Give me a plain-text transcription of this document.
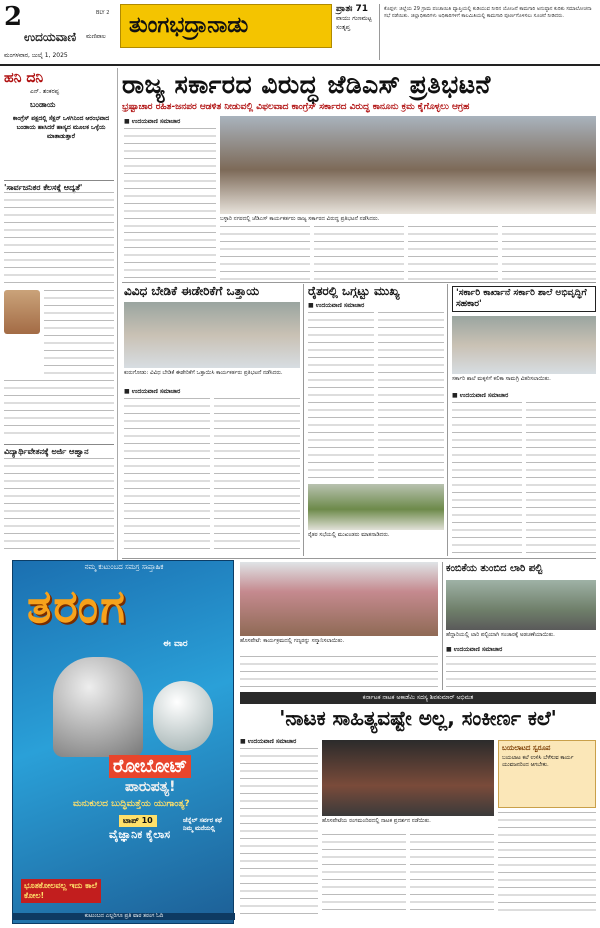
2	BLY 2
ಉದಯವಾಣಿ ಮಣಿಪಾಲ
ಮಂಗಳವಾರ, ಜುಲೈ 1, 2025
ತುಂಗಭದ್ರಾನಾಡು
ಪ್ರಾತಃ 71
ವಾಯು ಗುಣಮಟ್ಟ
ಸಂತೃಪ್ತ
ಕೊಪ್ಪಳ: ಜಿಲ್ಲೆಯ 29 ಗ್ರಾಮ ಪಂಚಾಯಿತಿ ವ್ಯಾಪ್ತಿಯಲ್ಲಿ ಕುಡಿಯುವ ನೀರಿನ ಯೋಜನೆ ಕಾಮಗಾರಿ ಅನುಷ್ಠಾನ ಕುರಿತು ಸಮಾಲೋಚನಾ ಸಭೆ ನಡೆಯಿತು. ಜಿಲ್ಲಾಧಿಕಾರಿಗಳು ಅಧಿಕಾರಿಗಳಿಗೆ ಕಾಲಮಿತಿಯಲ್ಲಿ ಕಾಮಗಾರಿ ಪೂರ್ಣಗೊಳಿಸಲು ಸೂಚನೆ ನೀಡಿದರು.
ಹನಿ ದನಿ
ಎನ್. ಶಂಕರಪ್ಪ
ಬಂಡಾಯ
ಕಾಂಗ್ರೆಸ್ ಪಕ್ಷದಲ್ಲಿ ಸೆಕ್ಷನ್ ಒಳಗಿನಿಂದ ಆರಂಭವಾದ ಬಂಡಾಯ ಹಾಸಿದರೆ ಹಾಸ್ಯದ ಮೂಲಕ ಒಳ್ಳೆಯ ಮಾತಾಡುತ್ತಾರೆ
'ಸಾರ್ವಜನಿಕರ ಕೆಲಸಕ್ಕೆ ಆದ್ಯತೆ'
ವಿದ್ಯಾರ್ಥಿವೇತನಕ್ಕೆ ಅರ್ಜಿ ಆಹ್ವಾನ
ರಾಜ್ಯ ಸರ್ಕಾರದ ವಿರುದ್ಧ ಜೆಡಿಎಸ್ ಪ್ರತಿಭಟನೆ
ಭ್ರಷ್ಟಾಚಾರ ರಹಿತ-ಜನಪರ ಆಡಳಿತ ನೀಡುವಲ್ಲಿ ವಿಫಲವಾದ ಕಾಂಗ್ರೆಸ್ ಸರ್ಕಾರದ ವಿರುದ್ಧ ಕಾನೂನು ಕ್ರಮ ಕೈಗೊಳ್ಳಲು ಆಗ್ರಹ
■ ಉದಯವಾಣಿ ಸಮಾಚಾರ
ಬಳ್ಳಾರಿ ನಗರದಲ್ಲಿ ಜೆಡಿಎಸ್ ಕಾರ್ಯಕರ್ತರು ರಾಜ್ಯ ಸರ್ಕಾರದ ವಿರುದ್ಧ ಪ್ರತಿಭಟನೆ ನಡೆಸಿದರು.
ವಿವಿಧ ಬೇಡಿಕೆ ಈಡೇರಿಕೆಗೆ ಒತ್ತಾಯ
ಕುರುಗೋಡು: ವಿವಿಧ ಬೇಡಿಕೆ ಈಡೇರಿಕೆಗೆ ಒತ್ತಾಯಿಸಿ ಕಾರ್ಯಕರ್ತರು ಪ್ರತಿಭಟನೆ ನಡೆಸಿದರು.
■ ಉದಯವಾಣಿ ಸಮಾಚಾರ
ರೈತರಲ್ಲಿ ಒಗ್ಗಟ್ಟು ಮುಖ್ಯ
■ ಉದಯವಾಣಿ ಸಮಾಚಾರ
ರೈತರ ಸಭೆಯಲ್ಲಿ ಮುಖಂಡರು ಮಾತನಾಡಿದರು.
'ಸರ್ಕಾರಿ ಕಾರ್ಖಾನೆ ಸರ್ಕಾರಿ ಶಾಲೆ ಅಭಿವೃದ್ಧಿಗೆ ಸಹಕಾರ'
ಸರ್ಕಾರಿ ಶಾಲೆ ಮಕ್ಕಳಿಗೆ ಕಲಿಕಾ ಸಾಮಗ್ರಿ ವಿತರಿಸಲಾಯಿತು.
■ ಉದಯವಾಣಿ ಸಮಾಚಾರ
ನಮ್ಮ ಕುಟುಂಬದ ಸಮಗ್ರ ಸಾಪ್ತಾಹಿಕ
ತರಂಗ
ಈ ವಾರ
ರೋಬೋಟ್
ಪಾರುಪತ್ಯ!
ಮನುಕುಲದ ಬುದ್ಧಿಮತ್ತೆಯ ಯುಗಾಂತ್ಯ?
ಟಾಪ್ 10
ವೈಜ್ಞಾನಿಕ ಕೈಲಾಸ
ಜೆನ್ನೆಲ್ ಸರ್ವರ ಕಥೆ ನಿಮ್ಮ ಮನೆಯಲ್ಲಿ
ಭೂತಕೋಲವಲ್ಲ ಇದು ಕಾಲೆ ಕೋಲ!
ಕುಟುಂಬದ ಎಲ್ಲರಿಗೂ ಪ್ರತಿ ವಾರ ತರಂಗ ಓದಿ
ಹೊಸಪೇಟೆ: ಕಾರ್ಯಕ್ರಮದಲ್ಲಿ ಗಣ್ಯರನ್ನು ಸನ್ಮಾನಿಸಲಾಯಿತು.
ಕಂಬಿಕೆಯ ತುಂಬಿದ ಲಾರಿ ಪಲ್ಟಿ
ಹೆದ್ದಾರಿಯಲ್ಲಿ ಲಾರಿ ಪಲ್ಟಿಯಾಗಿ ಸಂಚಾರಕ್ಕೆ ಅಡಚಣೆಯಾಯಿತು.
■ ಉದಯವಾಣಿ ಸಮಾಚಾರ
ಕರ್ನಾಟಕ ನಾಟಕ ಅಕಾಡೆಮಿ ಸದಸ್ಯ ಶಿವಕುಮಾರ್ ಅಭಿಮತ
'ನಾಟಕ ಸಾಹಿತ್ಯವಷ್ಟೇ ಅಲ್ಲ, ಸಂಕೀರ್ಣ ಕಲೆ'
■ ಉದಯವಾಣಿ ಸಮಾಚಾರ
ಹೊಸಪೇಟೆಯ ರಂಗಮಂದಿರದಲ್ಲಿ ನಾಟಕ ಪ್ರದರ್ಶನ ನಡೆಯಿತು.
ಬಯಲಾಟದ ಸ್ವರೂಪ
ಬಯಲಾಟ ಕಲೆ ಉಳಿಸಿ ಬೆಳೆಸುವ ಕಾರ್ಯ ಯುವಜನರಿಂದ ಆಗಬೇಕು.
